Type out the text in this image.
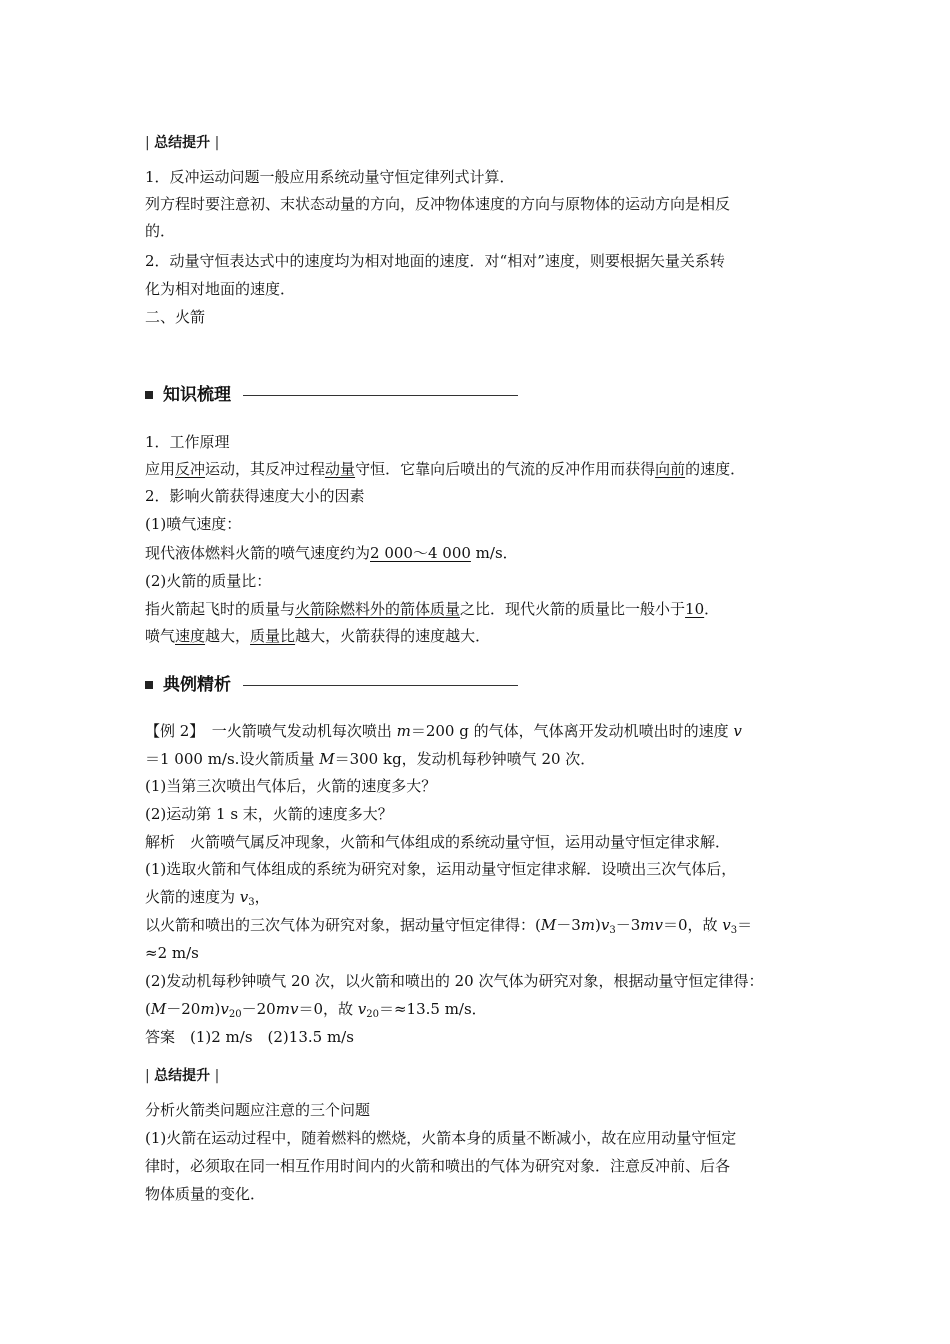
| 总结提升 |
1．反冲运动问题一般应用系统动量守恒定律列式计算．
列方程时要注意初、末状态动量的方向，反冲物体速度的方向与原物体的运动方向是相反
的．
2．动量守恒表达式中的速度均为相对地面的速度．对“相对”速度，则要根据矢量关系转
化为相对地面的速度．
二、火箭
知识梳理
1．工作原理
应用反冲运动，其反冲过程动量守恒．它靠向后喷出的气流的反冲作用而获得向前的速度．
2．影响火箭获得速度大小的因素
(1)喷气速度：
现代液体燃料火箭的喷气速度约为2 000～4 000 m/s．
(2)火箭的质量比：
指火箭起飞时的质量与火箭除燃料外的箭体质量之比．现代火箭的质量比一般小于10．
喷气速度越大，质量比越大，火箭获得的速度越大．
典例精析
【例 2】　一火箭喷气发动机每次喷出 m＝200 g 的气体，气体离开发动机喷出时的速度 v
＝1 000 m/s.设火箭质量 M＝300 kg，发动机每秒钟喷气 20 次．
(1)当第三次喷出气体后，火箭的速度多大？
(2)运动第 1 s 末，火箭的速度多大？
解析　火箭喷气属反冲现象，火箭和气体组成的系统动量守恒，运用动量守恒定律求解．
(1)选取火箭和气体组成的系统为研究对象，运用动量守恒定律求解．设喷出三次气体后，
火箭的速度为 $v_3$，
以火箭和喷出的三次气体为研究对象，据动量守恒定律得：$(M-3m)v_3-3mv=0$，故 $v_3=$
≈2 m/s
(2)发动机每秒钟喷气 20 次，以火箭和喷出的 20 次气体为研究对象，根据动量守恒定律得：
$(M-20m)v_{20}-20mv=0$，故 $v_{20}=\approx 13.5$ m/s．
答案　(1)2 m/s　(2)13.5 m/s
| 总结提升 |
分析火箭类问题应注意的三个问题
(1)火箭在运动过程中，随着燃料的燃烧，火箭本身的质量不断减小，故在应用动量守恒定
律时，必须取在同一相互作用时间内的火箭和喷出的气体为研究对象．注意反冲前、后各
物体质量的变化．
